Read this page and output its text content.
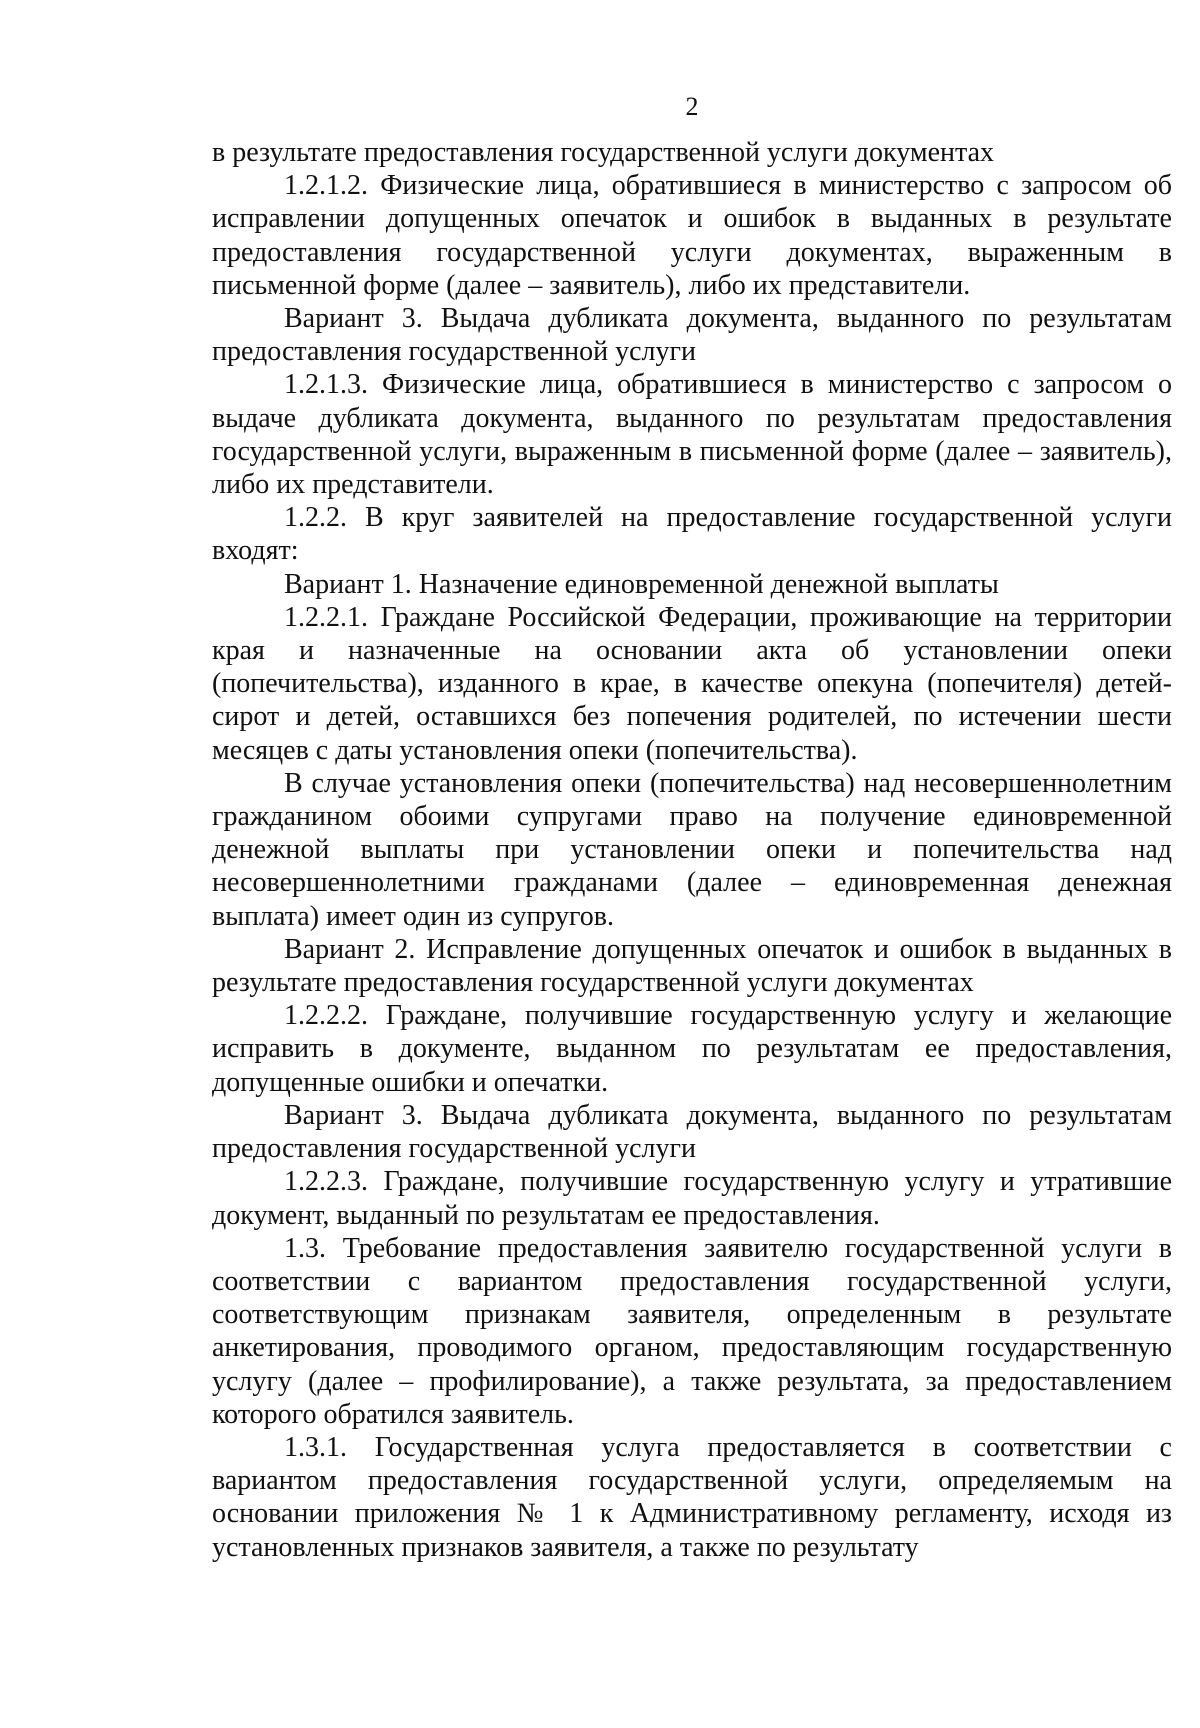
2

в результате предоставления государственной услуги документах

1.2.1.2. Физические лица, обратившиеся в министерство с запросом об исправлении допущенных опечаток и ошибок в выданных в результате предоставления государственной услуги документах, выраженным в письменной форме (далее – заявитель), либо их представители.

Вариант 3. Выдача дубликата документа, выданного по результатам предоставления государственной услуги

1.2.1.3. Физические лица, обратившиеся в министерство с запросом о выдаче дубликата документа, выданного по результатам предоставления государственной услуги, выраженным в письменной форме (далее – заявитель), либо их представители.

1.2.2. В круг заявителей на предоставление государственной услуги входят:

Вариант 1. Назначение единовременной денежной выплаты

1.2.2.1. Граждане Российской Федерации, проживающие на территории края и назначенные на основании акта об установлении опеки (попечительства), изданного в крае, в качестве опекуна (попечителя) детей-сирот и детей, оставшихся без попечения родителей, по истечении шести месяцев с даты установления опеки (попечительства).

В случае установления опеки (попечительства) над несовершеннолетним гражданином обоими супругами право на получение единовременной денежной выплаты при установлении опеки и попечительства над несовершеннолетними гражданами (далее – единовременная денежная выплата) имеет один из супругов.

Вариант 2. Исправление допущенных опечаток и ошибок в выданных в результате предоставления государственной услуги документах

1.2.2.2. Граждане, получившие государственную услугу и желающие исправить в документе, выданном по результатам ее предоставления, допущенные ошибки и опечатки.

Вариант 3. Выдача дубликата документа, выданного по результатам предоставления государственной услуги

1.2.2.3. Граждане, получившие государственную услугу и утратившие документ, выданный по результатам ее предоставления.

1.3. Требование предоставления заявителю государственной услуги в соответствии с вариантом предоставления государственной услуги, соответствующим признакам заявителя, определенным в результате анкетирования, проводимого органом, предоставляющим государственную услугу (далее – профилирование), а также результата, за предоставлением которого обратился заявитель.

1.3.1. Государственная услуга предоставляется в соответствии с вариантом предоставления государственной услуги, определяемым на основании приложения № 1 к Административному регламенту, исходя из установленных признаков заявителя, а также по результату
